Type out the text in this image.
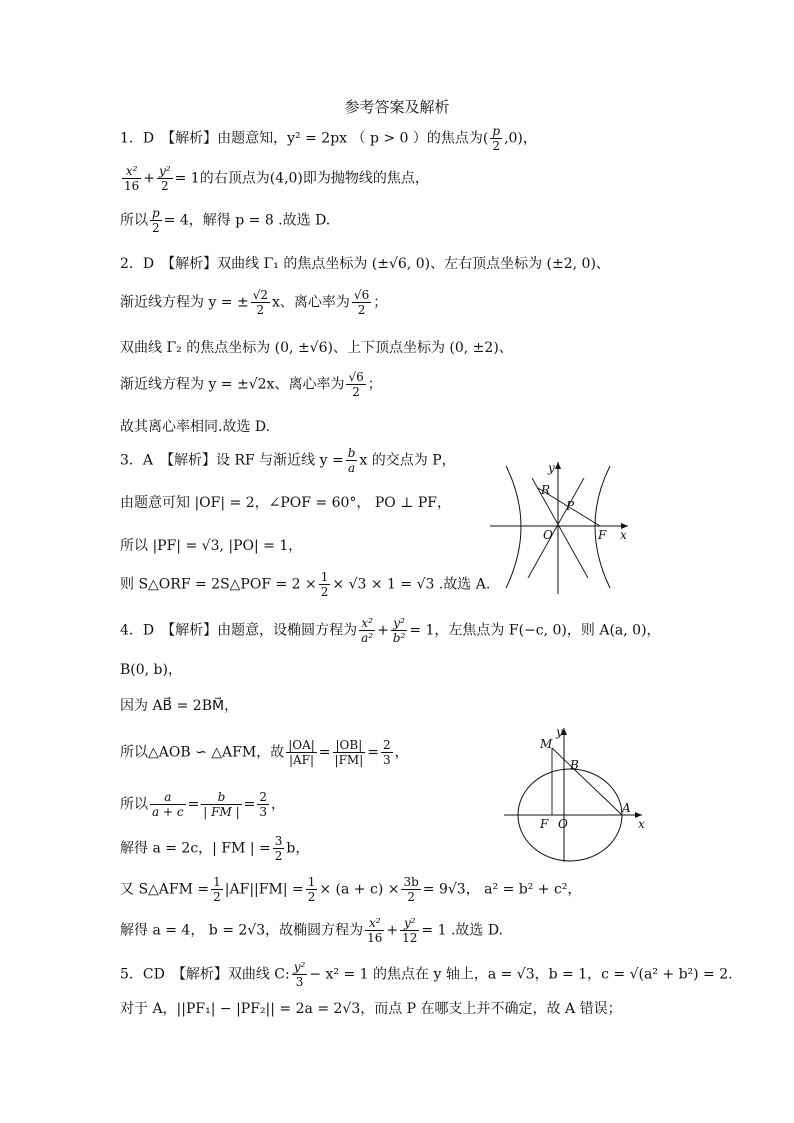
参考答案及解析
1．D　【解析】由题意知，y² = 2px （ p > 0 ）的焦点为( $\frac{p}{2} ,0$)，
$\frac{\text{x²}}{16} + \frac{\text{y²}}{2} = 1$的右顶点为(4,0)即为抛物线的焦点，
所以 $\frac{p}{2} = 4$，解得 p = 8 .故选 D.
2．D　【解析】双曲线 Γ₁ 的焦点坐标为 (±√6, 0)、左右顶点坐标为 (±2, 0)、
渐近线方程为 y = ± $\frac{√2}{2}$ x、离心率为 $\frac{√6}{2}$ ；
双曲线 Γ₂ 的焦点坐标为 (0, ±√6)、上下顶点坐标为 (0, ±2)、
渐近线方程为 y = ±√2x、离心率为 $\frac{√6}{2}$ ；
故其离心率相同.故选 D.
3．A　【解析】设 RF 与渐近线 $y = \frac{b}{a}$ x 的交点为 P，
由题意可知 |OF| = 2，∠POF = 60°， PO ⊥ PF，
所以 |PF| = √3, |PO| = 1，
则 S△ORF = 2S△POF = $2 \times \frac{1}{2} \times √3 \times 1 = √3$ .故选 A.
R
P
O	F x
y
4．D　【解析】由题意，设椭圆方程为 $\frac{\text{x²}}{\text{a²}} + \frac{\text{y²}}{\text{b²}} = 1$，左焦点为 F(−c, 0)，则 A(a, 0)，
B(0, b)，
因为 AB⃗ = 2BM⃗，
所以△AOB ∽ △AFM，故 $\frac{|OA|}{|AF|} = \frac{|OB|}{|FM|} = \frac{2}{3}$ ，
所以 $\frac{a}{a + c} = \frac{b}{| FM |} = \frac{2}{3}$ ，
解得 a = 2c，| FM | = $\frac{3}{2}$ b，
又 S△AFM = $\frac{1}{2} |AF||FM| = \frac{1}{2} \times (a + c) \times \frac{3b}{2} = 9√3$， a² = b² + c²，
解得 a = 4， b = 2√3，故椭圆方程为 $\frac{\text{x²}}{16} + \frac{\text{y²}}{12} = 1$ .故选 D.
M
B
A
F O	x
y
5．CD　【解析】双曲线 C: $\frac{\text{y²}}{3} - x^2 = 1$ 的焦点在 y 轴上，a = √3，b = 1，c = √(a² + b²) = 2.
对于 A，||PF₁| − |PF₂|| = 2a = 2√3，而点 P 在哪支上并不确定，故 A 错误；
